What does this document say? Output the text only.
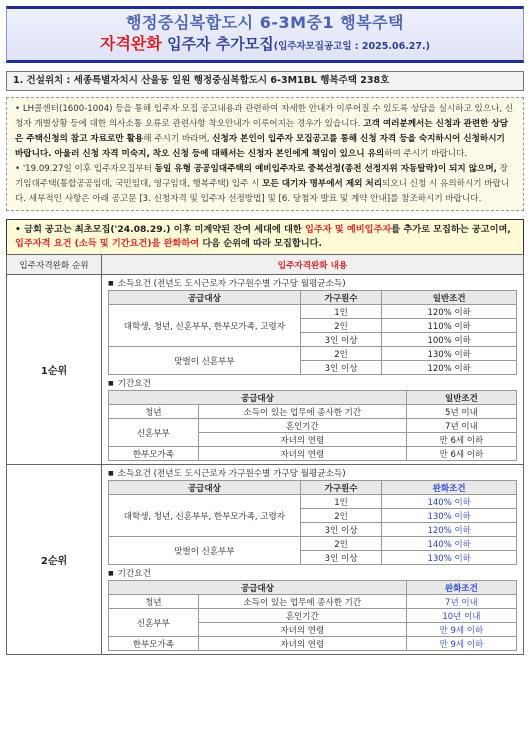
행정중심복합도시 6-3M중1 행복주택
자격완화 입주자 추가모집(입주자모집공고일 : 2025.06.27.)
1. 건설위치 : 세종특별자치시 산울동 일원 행정중심복합도시 6-3M1BL 행복주택 238호

• LH콜센터(1600-1004) 등을 통해 입주자 모집 공고내용과 관련하여 자세한 안내가 이루어질 수 있도록 상담을 실시하고 있으나, 신청자 개별상황 등에 대한 의사소통 오류로 관련사항 착오안내가 이루어지는 경우가 있습니다. 고객 여러분께서는 신청과 관련한 상담은 주택신청의 참고 자료로만 활용해 주시기 바라며, 신청자 본인이 입주자 모집공고를 통해 신청 자격 등을 숙지하시어 신청하시기 바랍니다. 아울러 신청 자격 미숙지, 착오 신청 등에 대해서는 신청자 본인에게 책임이 있으니 유의하여 주시기 바랍니다.

• '19.09.27일 이후 입주자모집부터 동일 유형 공공임대주택의 예비입주자로 중복선정(종전 선정지위 자동탈락)이 되지 않으며, 장기임대주택(통합공공임대, 국민임대, 영구임대, 행복주택) 입주 시 모든 대기자 명부에서 제외 처리되오니 신청 시 유의하시기 바랍니다. 세부적인 사항은 아래 공고문 [3. 신청자격 및 입주자 선정방법] 및 [6. 당첨자 발표 및 계약 안내]를 참조하시기 바랍니다.

• 금회 공고는 최초모집('24.08.29.) 이후 미계약된 잔여 세대에 대한 입주자 및 예비입주자를 추가로 모집하는 공고이며, 입주자격 요건 (소득 및 기간요건)을 완화하여 다음 순위에 따라 모집합니다.
입주자격완화 순위	입주자격완화 내용
1순위	
■ 소득요건 (전년도 도시근로자 가구원수별 가구당 월평균소득)
공급대상	가구원수	일반조건
대학생, 청년, 신혼부부, 한부모가족, 고령자	1인	120% 이하
2인	110% 이하
3인 이상	100% 이하
맞벌이 신혼부부	2인	130% 이하
3인 이상	120% 이하
■ 기간요건
공급대상	일반조건
청년	소득이 있는 업무에 종사한 기간	5년 이내
신혼부부	혼인기간	7년 이내
자녀의 연령	만 6세 이하
한부모가족	자녀의 연령	만 6세 이하

2순위	
■ 소득요건 (전년도 도시근로자 가구원수별 가구당 월평균소득)
공급대상	가구원수	완화조건
대학생, 청년, 신혼부부, 한부모가족, 고령자	1인	140% 이하
2인	130% 이하
3인 이상	120% 이하
맞벌이 신혼부부	2인	140% 이하
3인 이상	130% 이하
■ 기간요건
공급대상	완화조건
청년	소득이 있는 업무에 종사한 기간	7년 이내
신혼부부	혼인기간	10년 이내
자녀의 연령	만 9세 이하
한부모가족	자녀의 연령	만 9세 이하
